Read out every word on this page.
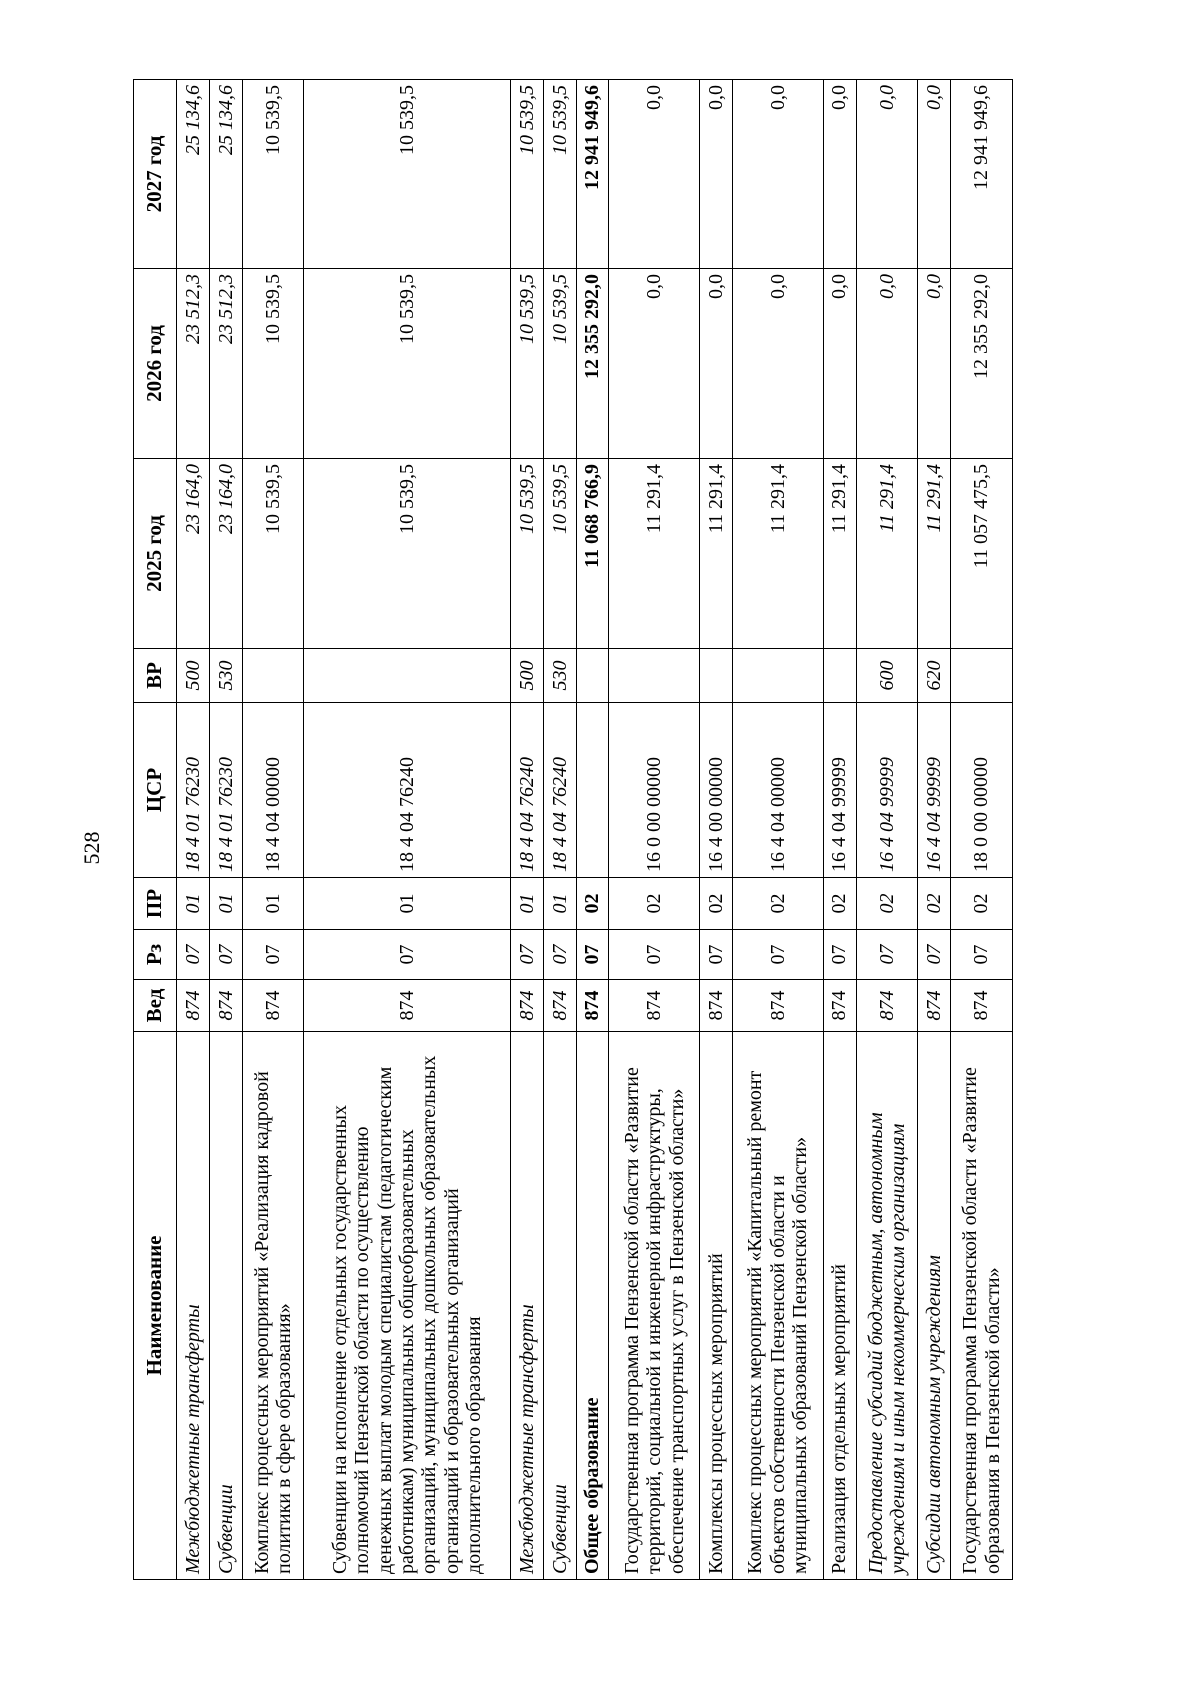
528
Наименование	Вед	Рз	ПР	ЦСР	ВР	2025 год	2026 год	2027 год
Межбюджетные трансферты	874	07	01	18 4 01 76230	500	23 164,0	23 512,3	25 134,6
Субвенции	874	07	01	18 4 01 76230	530	23 164,0	23 512,3	25 134,6
Комплекс процессных мероприятий «Реализация кадровой политики в сфере образования»	874	07	01	18 4 04 00000		10 539,5	10 539,5	10 539,5
Субвенции на исполнение отдельных государственных полномочий Пензенской области по осуществлению денежных выплат молодым специалистам (педагогическим работникам) муниципальных общеобразовательных организаций, муниципальных дошкольных образовательных организаций и образовательных организаций дополнительного образования	874	07	01	18 4 04 76240		10 539,5	10 539,5	10 539,5
Межбюджетные трансферты	874	07	01	18 4 04 76240	500	10 539,5	10 539,5	10 539,5
Субвенции	874	07	01	18 4 04 76240	530	10 539,5	10 539,5	10 539,5
Общее образование	874	07	02			11 068 766,9	12 355 292,0	12 941 949,6
Государственная программа Пензенской области «Развитие территорий, социальной и инженерной инфраструктуры, обеспечение транспортных услуг в Пензенской области»	874	07	02	16 0 00 00000		11 291,4	0,0	0,0
Комплексы процессных мероприятий	874	07	02	16 4 00 00000		11 291,4	0,0	0,0
Комплекс процессных мероприятий «Капитальный ремонт объектов собственности Пензенской области и муниципальных образований Пензенской области»	874	07	02	16 4 04 00000		11 291,4	0,0	0,0
Реализация отдельных мероприятий	874	07	02	16 4 04 99999		11 291,4	0,0	0,0
Предоставление субсидий бюджетным, автономным учреждениям и иным некоммерческим организациям	874	07	02	16 4 04 99999	600	11 291,4	0,0	0,0
Субсидии автономным учреждениям	874	07	02	16 4 04 99999	620	11 291,4	0,0	0,0
Государственная программа Пензенской области «Развитие образования в Пензенской области»	874	07	02	18 0 00 00000		11 057 475,5	12 355 292,0	12 941 949,6
